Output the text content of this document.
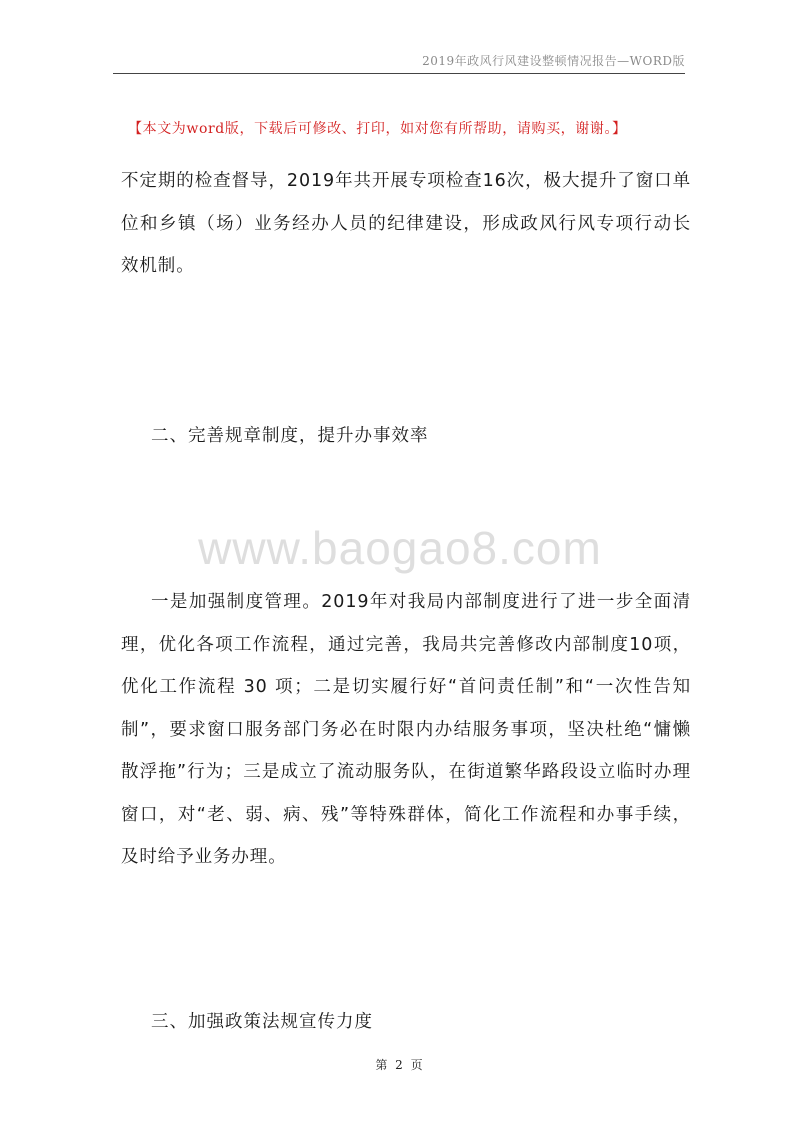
2019年政风行风建设整顿情况报告—WORD版
【本文为word版，下载后可修改、打印，如对您有所帮助，请购买，谢谢。】

不定期的检查督导，2019年共开展专项检查16次，极大提升了窗口单位和乡镇（场）业务经办人员的纪律建设，形成政风行风专项行动长效机制。

二、完善规章制度，提升办事效率

www.baogao8.com

一是加强制度管理。2019年对我局内部制度进行了进一步全面清理，优化各项工作流程，通过完善，我局共完善修改内部制度10项，优化工作流程 30 项；二是切实履行好“首问责任制”和“一次性告知制”，要求窗口服务部门务必在时限内办结服务事项，坚决杜绝“慵懒散浮拖”行为；三是成立了流动服务队，在街道繁华路段设立临时办理窗口，对“老、弱、病、残”等特殊群体，简化工作流程和办事手续，及时给予业务办理。

三、加强政策法规宣传力度

第 2 页
